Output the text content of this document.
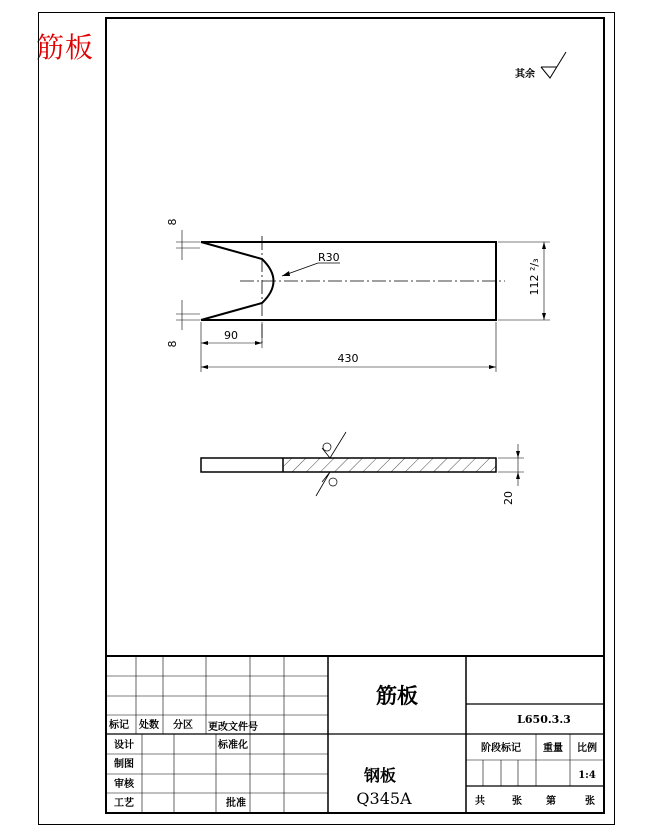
筋板
其余
R30
8
8
90
430
112 ²/₃
20
标记 处数 分区 更改文件号
设计	标准化
制图
审核
工艺	批准
筋板
钢板
Q345A
L650.3.3
阶段标记 重量 比例
1:4
共	张 第	张
